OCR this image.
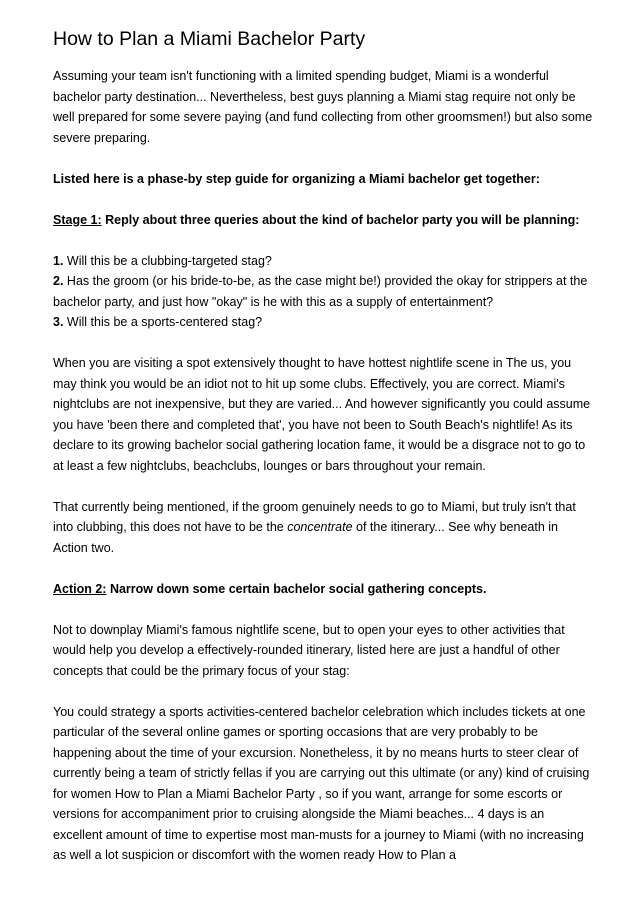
How to Plan a Miami Bachelor Party

Assuming your team isn't functioning with a limited spending budget, Miami is a wonderful bachelor party destination... Nevertheless, best guys planning a Miami stag require not only be well prepared for some severe paying (and fund collecting from other groomsmen!) but also some severe preparing.

Listed here is a phase-by step guide for organizing a Miami bachelor get together:

Stage 1: Reply about three queries about the kind of bachelor party you will be planning:

1. Will this be a clubbing-targeted stag?
2. Has the groom (or his bride-to-be, as the case might be!) provided the okay for strippers at the bachelor party, and just how "okay" is he with this as a supply of entertainment?
3. Will this be a sports-centered stag?

When you are visiting a spot extensively thought to have hottest nightlife scene in The us, you may think you would be an idiot not to hit up some clubs. Effectively, you are correct. Miami's nightclubs are not inexpensive, but they are varied... And however significantly you could assume you have 'been there and completed that', you have not been to South Beach's nightlife! As its declare to its growing bachelor social gathering location fame, it would be a disgrace not to go to at least a few nightclubs, beachclubs, lounges or bars throughout your remain.

That currently being mentioned, if the groom genuinely needs to go to Miami, but truly isn't that into clubbing, this does not have to be the concentrate of the itinerary... See why beneath in Action two.

Action 2: Narrow down some certain bachelor social gathering concepts.

Not to downplay Miami's famous nightlife scene, but to open your eyes to other activities that would help you develop a effectively-rounded itinerary, listed here are just a handful of other concepts that could be the primary focus of your stag:

You could strategy a sports activities-centered bachelor celebration which includes tickets at one particular of the several online games or sporting occasions that are very probably to be happening about the time of your excursion. Nonetheless, it by no means hurts to steer clear of currently being a team of strictly fellas if you are carrying out this ultimate (or any) kind of cruising for women How to Plan a Miami Bachelor Party , so if you want, arrange for some escorts or versions for accompaniment prior to cruising alongside the Miami beaches... 4 days is an excellent amount of time to expertise most man-musts for a journey to Miami (with no increasing as well a lot suspicion or discomfort with the women ready How to Plan a
